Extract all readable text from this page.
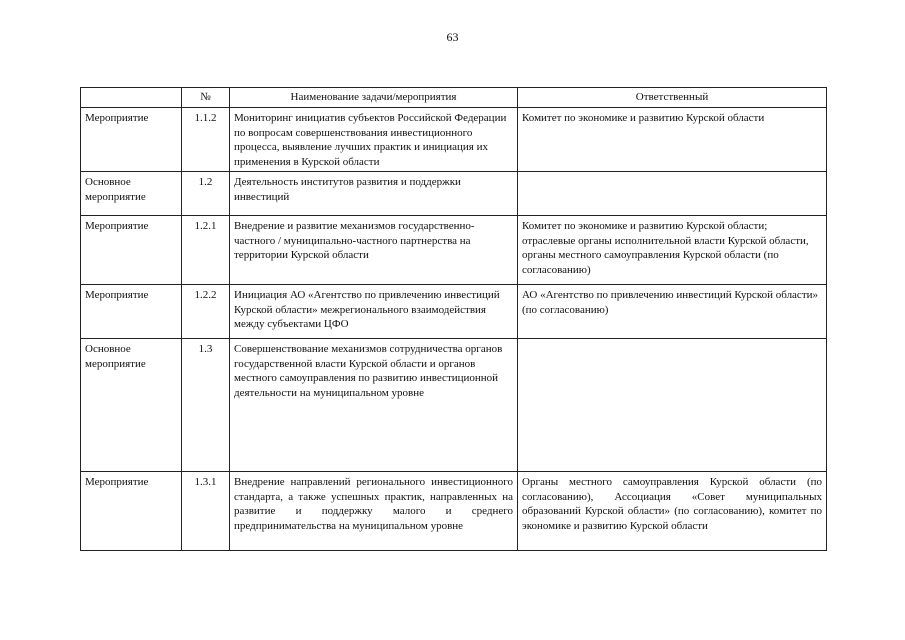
63
	№	Наименование задачи/мероприятия	Ответственный
Мероприятие	1.1.2	Мониторинг инициатив субъектов Российской Федерации по вопросам совершенствования инвестиционного процесса, выявление лучших практик и инициация их применения в Курской области	Комитет по экономике и развитию Курской области
Основное мероприятие	1.2	Деятельность институтов развития и поддержки инвестиций	
Мероприятие	1.2.1	Внедрение и развитие механизмов государственно-частного / муниципально-частного партнерства на территории Курской области	Комитет по экономике и развитию Курской области; отраслевые органы исполнительной власти Курской области, органы местного самоуправления Курской области (по согласованию)
Мероприятие	1.2.2	Инициация АО «Агентство по привлечению инвестиций Курской области» межрегионального взаимодействия между субъектами ЦФО	АО «Агентство по привлечению инвестиций Курской области» (по согласованию)
Основное мероприятие	1.3	Совершенствование механизмов сотрудничества органов государственной власти Курской области и органов местного самоуправления по развитию инвестиционной деятельности на муниципальном уровне	
Мероприятие	1.3.1	Внедрение направлений регионального инвестиционного стандарта, а также успешных практик, направленных на развитие и поддержку малого и среднего предпринимательства на муниципальном уровне	Органы местного самоуправления Курской области (по согласованию), Ассоциация «Совет муниципальных образований Курской области» (по согласованию), комитет по экономике и развитию Курской области
